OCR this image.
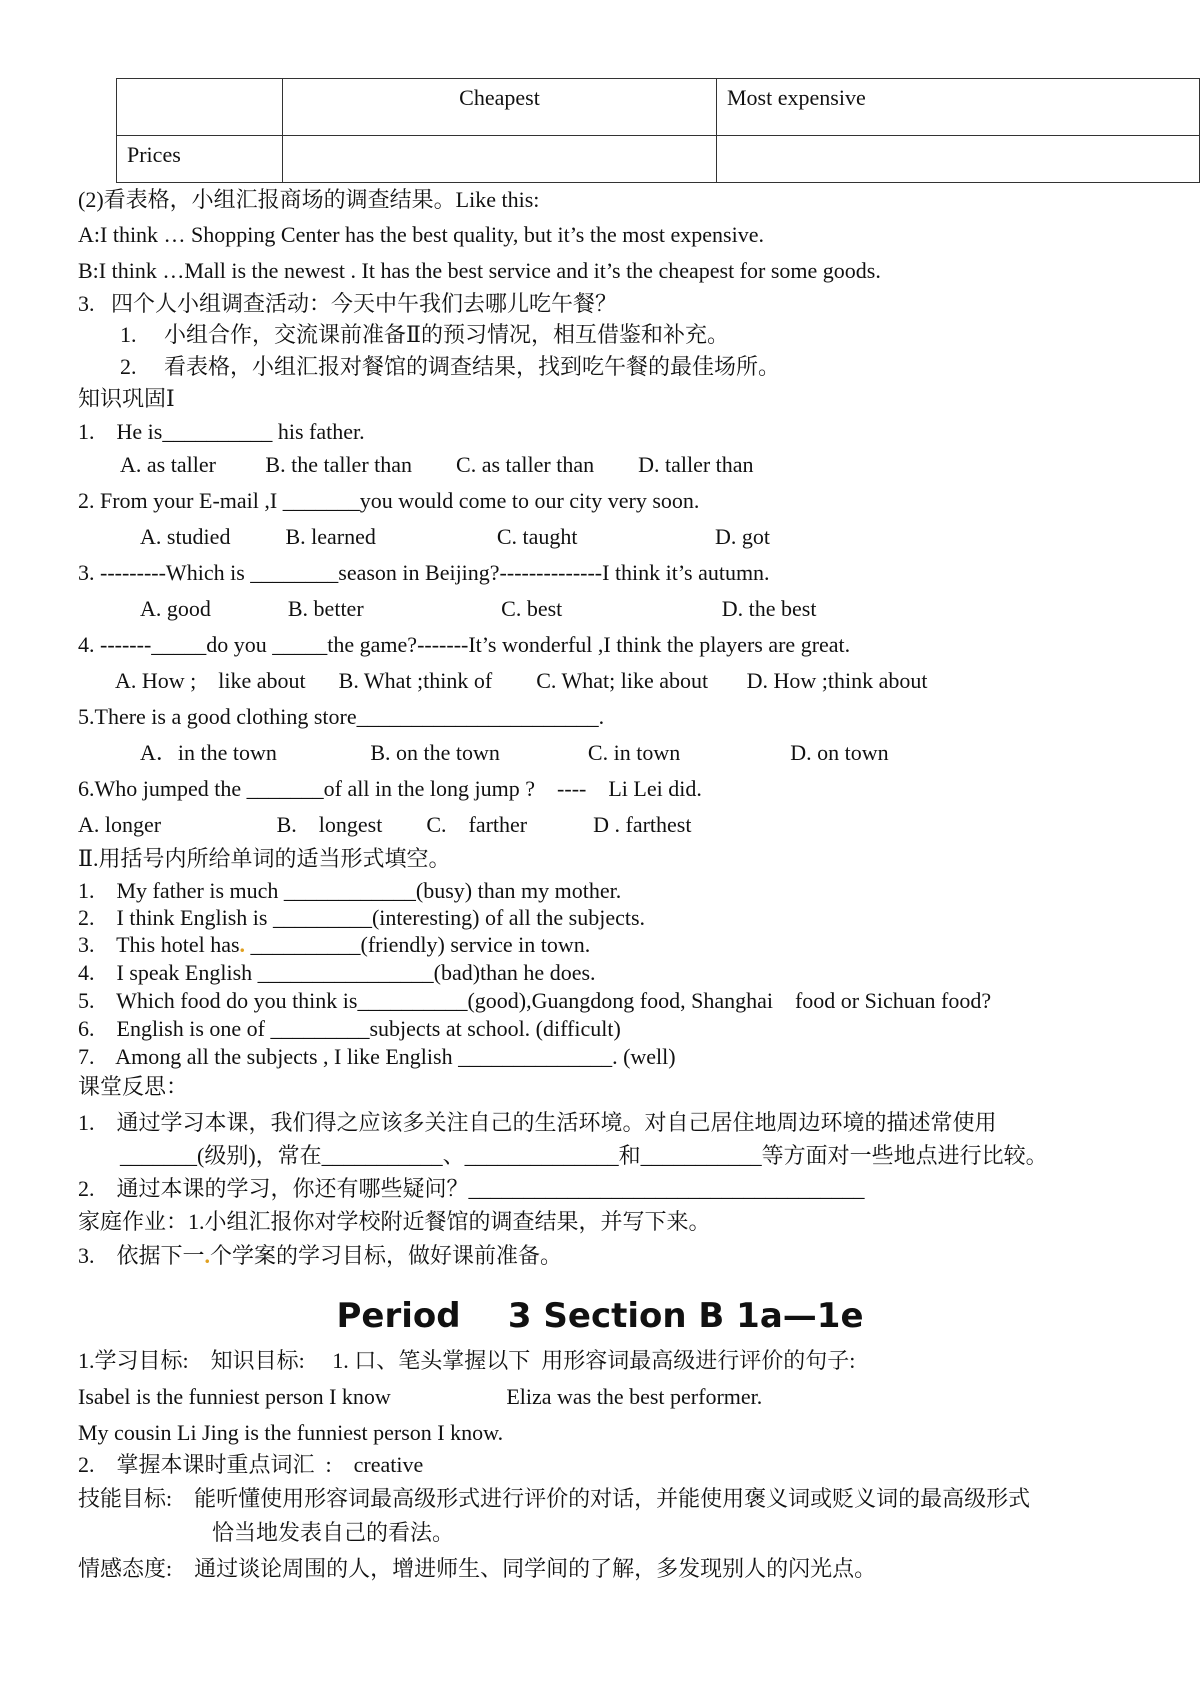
	Cheapest	Most expensive
Prices		
(2)看表格，小组汇报商场的调查结果。Like this:
A:I think … Shopping Center has the best quality, but it’s the most expensive.
B:I think …Mall is the newest . It has the best service and it’s the cheapest for some goods.
3.   四个人小组调查活动：今天中午我们去哪儿吃午餐？
1.     小组合作，交流课前准备Ⅱ的预习情况，相互借鉴和补充。
2.     看表格，小组汇报对餐馆的调查结果，找到吃午餐的最佳场所。
知识巩固Ⅰ
1.    He is__________ his father.
A. as taller         B. the taller than        C. as taller than        D. taller than
2. From your E-mail ,I _______you would come to our city very soon.
A. studied          B. learned                      C. taught                         D. got
3. ---------Which is ________season in Beijing?--------------I think it’s autumn.
A. good              B. better                         C. best                             D. the best
4. -------_____do you _____the game?-------It’s wonderful ,I think the players are great.
A. How ;    like about      B. What ;think of        C. What; like about       D. How ;think about
5.There is a good clothing store______________________.
A．in the town                 B. on the town                C. in town                    D. on town
6.Who jumped the _______of all in the long jump ?    ----    Li Lei did.
A. longer                     B.    longest        C.    farther            D . farthest
Ⅱ.用括号内所给单词的适当形式填空。
1.    My father is much ____________(busy) than my mother.
2.    I think English is _________(interesting) of all the subjects.
3.    This hotel has. __________(friendly) service in town.
4.    I speak English ________________(bad)than he does.
5.    Which food do you think is__________(good),Guangdong food, Shanghai    food or Sichuan food?
6.    English is one of _________subjects at school. (difficult)
7.    Among all the subjects , I like English ______________. (well)
课堂反思：
1.    通过学习本课，我们得之应该多关注自己的生活环境。对自己居住地周边环境的描述常使用
_______(级别)，常在___________、______________和___________等方面对一些地点进行比较。
2.    通过本课的学习，你还有哪些疑问？____________________________________
家庭作业：1.小组汇报你对学校附近餐馆的调查结果，并写下来。
3.    依据下一.个学案的学习目标，做好课前准备。
Period    3 Section B 1a—1e
1.学习目标:    知识目标:     1. 口、笔头掌握以下  用形容词最高级进行评价的句子:
Isabel is the funniest person I know                     Eliza was the best performer.
My cousin Li Jing is the funniest person I know.
2.    掌握本课时重点词汇  :    creative
技能目标:    能听懂使用形容词最高级形式进行评价的对话，并能使用褒义词或贬义词的最高级形式
恰当地发表自己的看法。
情感态度:    通过谈论周围的人，增进师生、同学间的了解，多发现别人的闪光点。
